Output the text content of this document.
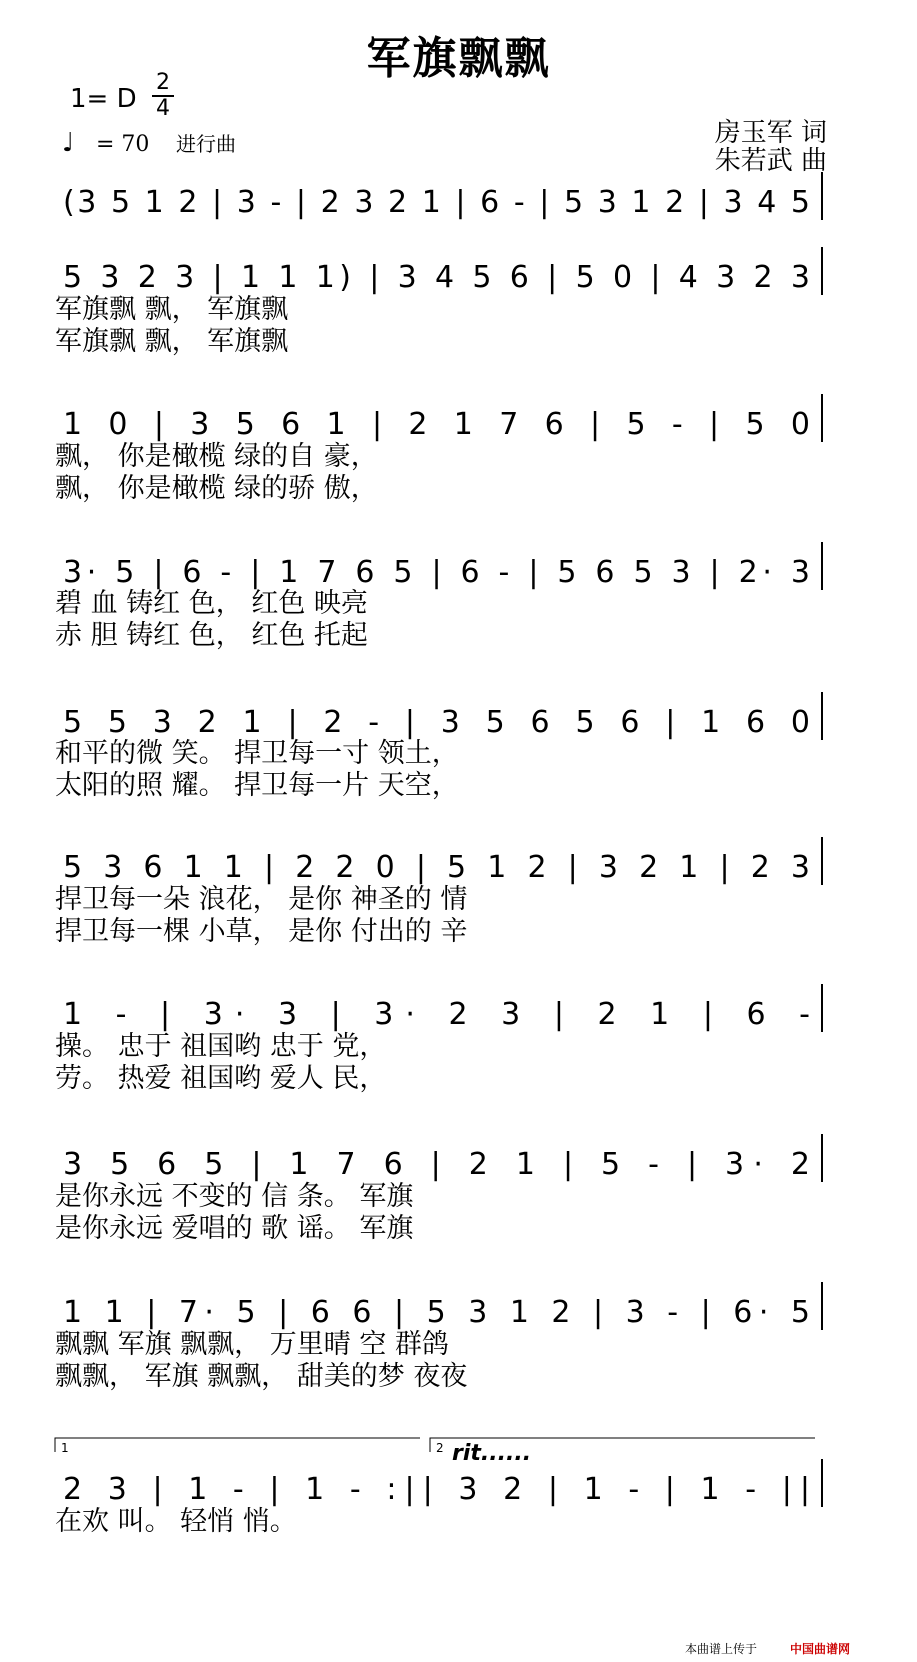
军旗飘飘
1= D
2
4
♩ = 70 进行曲	房玉军 词
朱若武 曲
(3 5 1 2 | 3 - | 2 3 2 1 | 6 - | 5 3 1 2 | 3 4 5
5 3 2 3 | 1 1 1) | 3 4 5 6 | 5 0 | 4 3 2 3
军旗飘 飘， 军旗飘
军旗飘 飘， 军旗飘
1 0 | 3 5 6 1 | 2 1 7 6 | 5 - | 5 0
飘， 你是橄榄 绿的自 豪，
飘， 你是橄榄 绿的骄 傲，
3· 5 | 6 - | 1 7 6 5 | 6 - | 5 6 5 3 | 2· 3
碧 血 铸红 色， 红色 映亮
赤 胆 铸红 色， 红色 托起
5 5 3 2 1 | 2 - | 3 5 6 5 6 | 1 6 0
和平的微 笑。 捍卫每一寸 领土，
太阳的照 耀。 捍卫每一片 天空，
5 3 6 1 1 | 2 2 0 | 5 1 2 | 3 2 1 | 2 3
捍卫每一朵 浪花， 是你 神圣的 情
捍卫每一棵 小草， 是你 付出的 辛
1 - | 3· 3 | 3· 2 3 | 2 1 | 6 -
操。 忠于 祖国哟 忠于 党，
劳。 热爱 祖国哟 爱人 民，
3 5 6 5 | 1 7 6 | 2 1 | 5 - | 3· 2
是你永远 不变的 信 条。 军旗
是你永远 爱唱的 歌 谣。 军旗
1 1 | 7· 5 | 6 6 | 5 3 1 2 | 3 - | 6· 5
飘飘 军旗 飘飘， 万里晴 空 群鸽
飘飘， 军旗 飘飘， 甜美的梦 夜夜
2 3 | 1 - | 1 - :|| 3 2 | 1 - | 1 - ||
在欢 叫。 轻悄 悄。
1	2 rit......
本曲谱上传于	中国曲谱网
